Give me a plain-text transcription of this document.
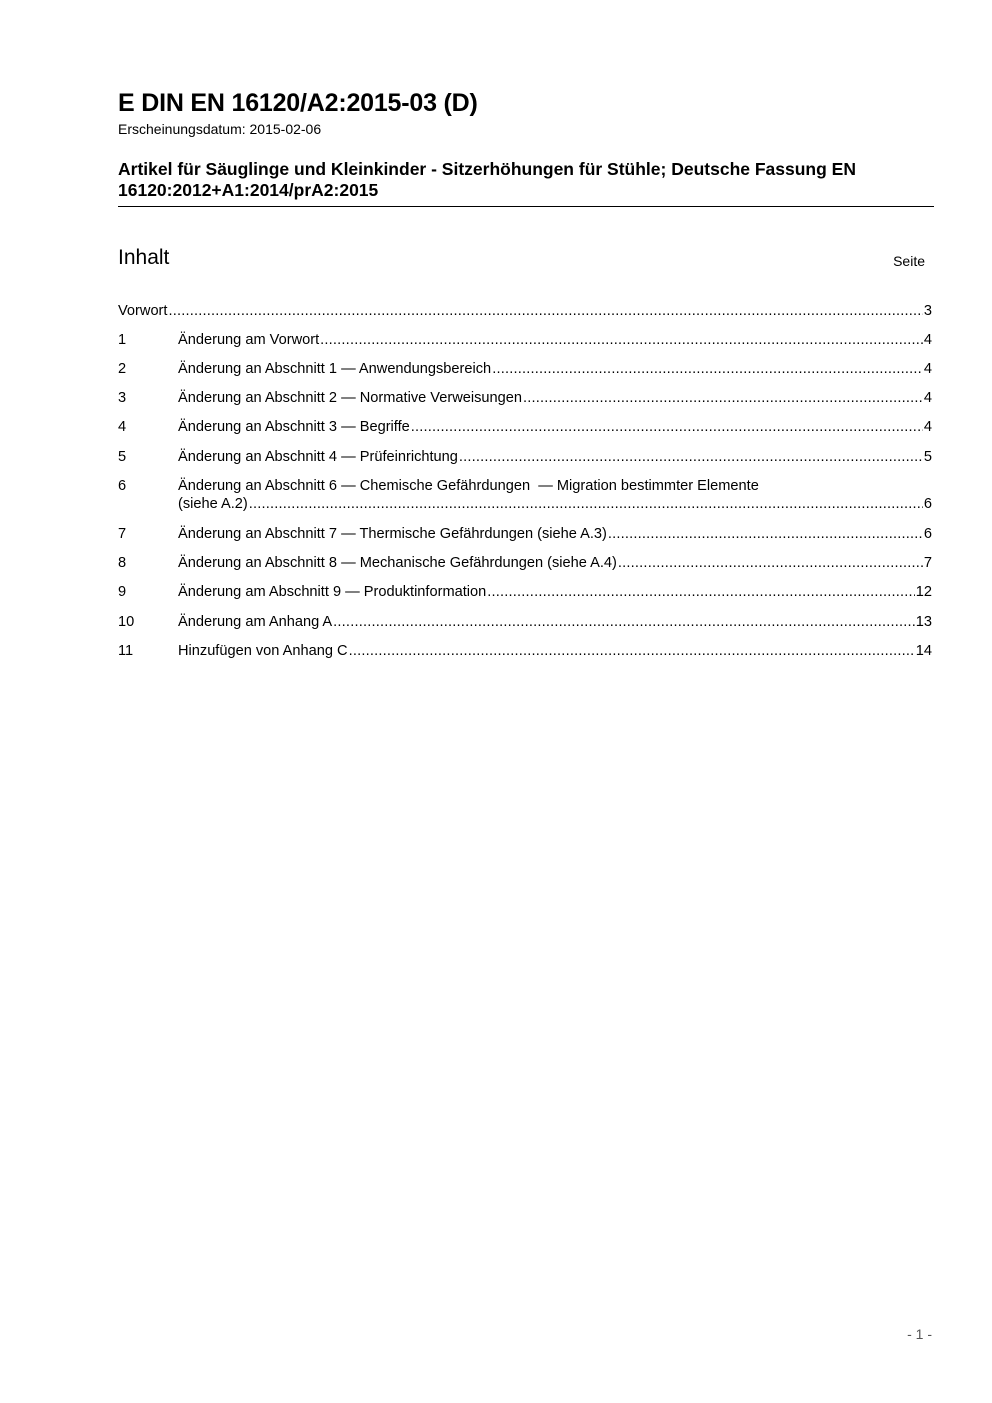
E DIN EN 16120/A2:2015-03 (D)
Erscheinungsdatum: 2015-02-06
Artikel für Säuglinge und Kleinkinder - Sitzerhöhungen für Stühle; Deutsche Fassung EN 16120:2012+A1:2014/prA2:2015
Inhalt	Seite
Vorwort .....	3
1	Änderung am Vorwort .....	4
2	Änderung an Abschnitt 1 — Anwendungsbereich .....	4
3	Änderung an Abschnitt 2 — Normative Verweisungen .....	4
4	Änderung an Abschnitt 3 — Begriffe .....	4
5	Änderung an Abschnitt 4 — Prüfeinrichtung .....	5
6	Änderung an Abschnitt 6 — Chemische Gefährdungen  — Migration bestimmter Elemente
(siehe A.2) .....	6
7	Änderung an Abschnitt 7 — Thermische Gefährdungen (siehe A.3) .....	6
8	Änderung an Abschnitt 8 — Mechanische Gefährdungen (siehe A.4) .....	7
9	Änderung am Abschnitt 9 — Produktinformation .....	12
10	Änderung am Anhang A .....	13
11	Hinzufügen von Anhang C .....	14
- 1 -
